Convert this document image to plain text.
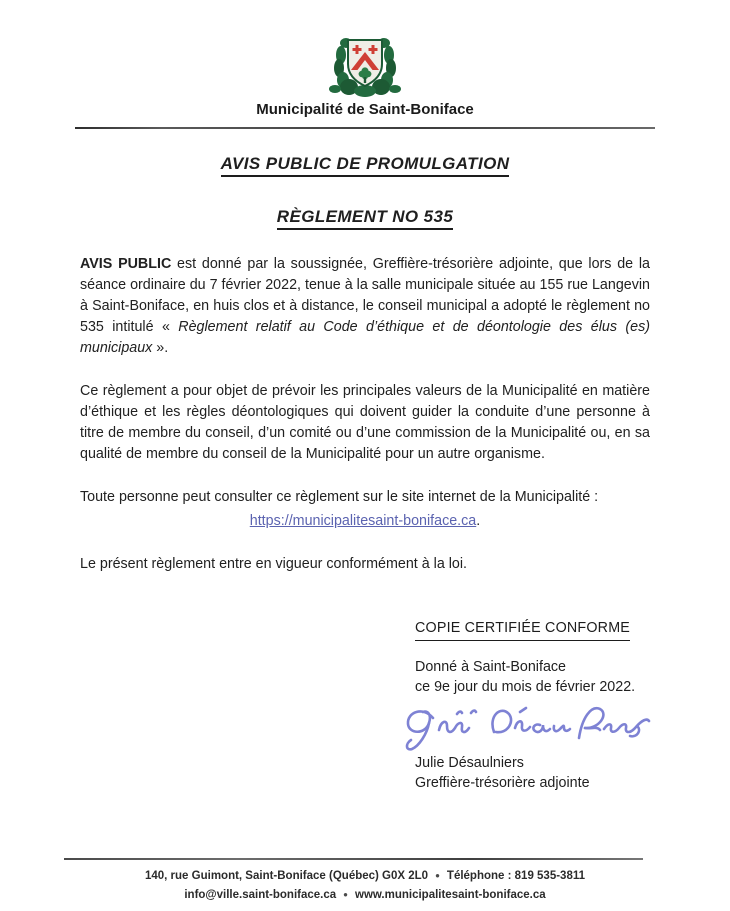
Municipalité de Saint-Boniface
AVIS PUBLIC DE PROMULGATION
RÈGLEMENT NO 535

AVIS PUBLIC est donné par la soussignée, Greffière-trésorière adjointe, que lors de la séance ordinaire du 7 février 2022, tenue à la salle municipale située au 155 rue Langevin à Saint-Boniface, en huis clos et à distance, le conseil municipal a adopté le règlement no 535 intitulé « Règlement relatif au Code d’éthique et de déontologie des élus (es) municipaux ».

Ce règlement a pour objet de prévoir les principales valeurs de la Municipalité en matière d’éthique et les règles déontologiques qui doivent guider la conduite d’une personne à titre de membre du conseil, d’un comité ou d’une commission de la Municipalité ou, en sa qualité de membre du conseil de la Municipalité pour un autre organisme.

Toute personne peut consulter ce règlement sur le site internet de la Municipalité :

https://municipalitesaint-boniface.ca.

Le présent règlement entre en vigueur conformément à la loi.

COPIE CERTIFIÉE CONFORME
Donné à Saint-Boniface
ce 9e jour du mois de février 2022.
Julie Désaulniers
Greffière-trésorière adjointe
140, rue Guimont, Saint-Boniface (Québec) G0X 2L0 ● Téléphone : 819 535-3811
info@ville.saint-boniface.ca ● www.municipalitesaint-boniface.ca
